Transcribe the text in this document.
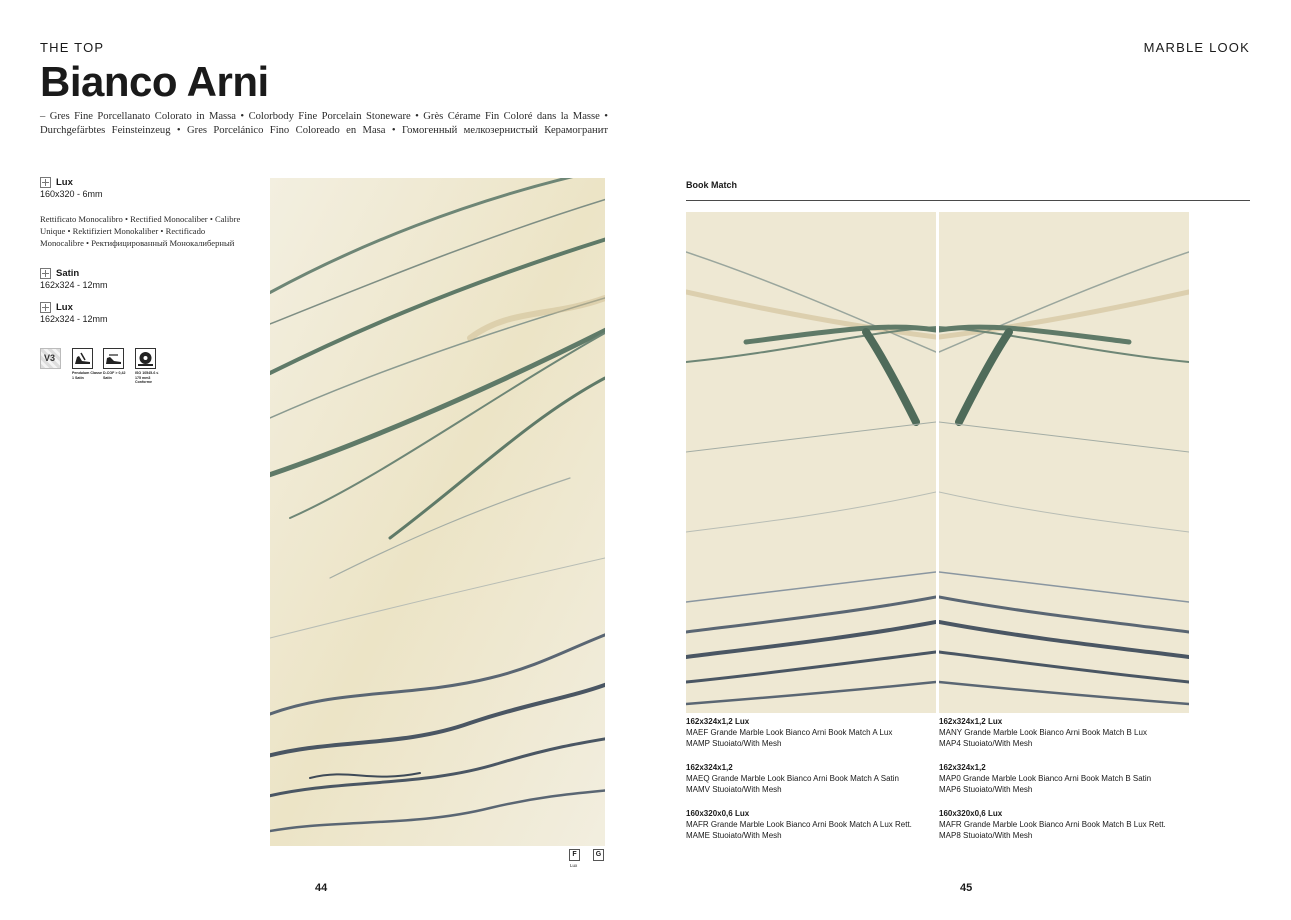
THE TOP	MARBLE LOOK
Bianco Arni
– Gres Fine Porcellanato Colorato in Massa • Colorbody Fine Porcelain Stoneware • Grès Cérame Fin Coloré dans la Masse • Durchgefärbtes Feinsteinzeug • Gres Porcelánico Fino Coloreado en Masa • Гомогенный мелкозернистый Керамогранит
Lux
160x320 - 6mm
Rettificato Monocalibro • Rectified Monocaliber • Calibre Unique • Rektifiziert Monokaliber • Rectificado Monocalibre • Ректифицированный Монокалиберный
Satin
162x324 - 12mm
Lux
162x324 - 12mm
V3
Pendulum Classe 1 Satin
D-COF > 0,42 Satin
ISO 10545-6 ≤ 175 mm3 Conforme
Book Match
162x324x1,2 Lux
MAEF Grande Marble Look Bianco Arni Book Match A Lux
MAMP Stuoiato/With Mesh
162x324x1,2
MAEQ Grande Marble Look Bianco Arni Book Match A Satin
MAMV Stuoiato/With Mesh
160x320x0,6 Lux
MAFR Grande Marble Look Bianco Arni Book Match A Lux Rett.
MAME Stuoiato/With Mesh
162x324x1,2 Lux
MANY Grande Marble Look Bianco Arni Book Match B Lux
MAP4 Stuoiato/With Mesh
162x324x1,2
MAP0 Grande Marble Look Bianco Arni Book Match B Satin
MAP6 Stuoiato/With Mesh
160x320x0,6 Lux
MAFR Grande Marble Look Bianco Arni Book Match B Lux Rett.
MAP8 Stuoiato/With Mesh
F	G
Lux
44	45
